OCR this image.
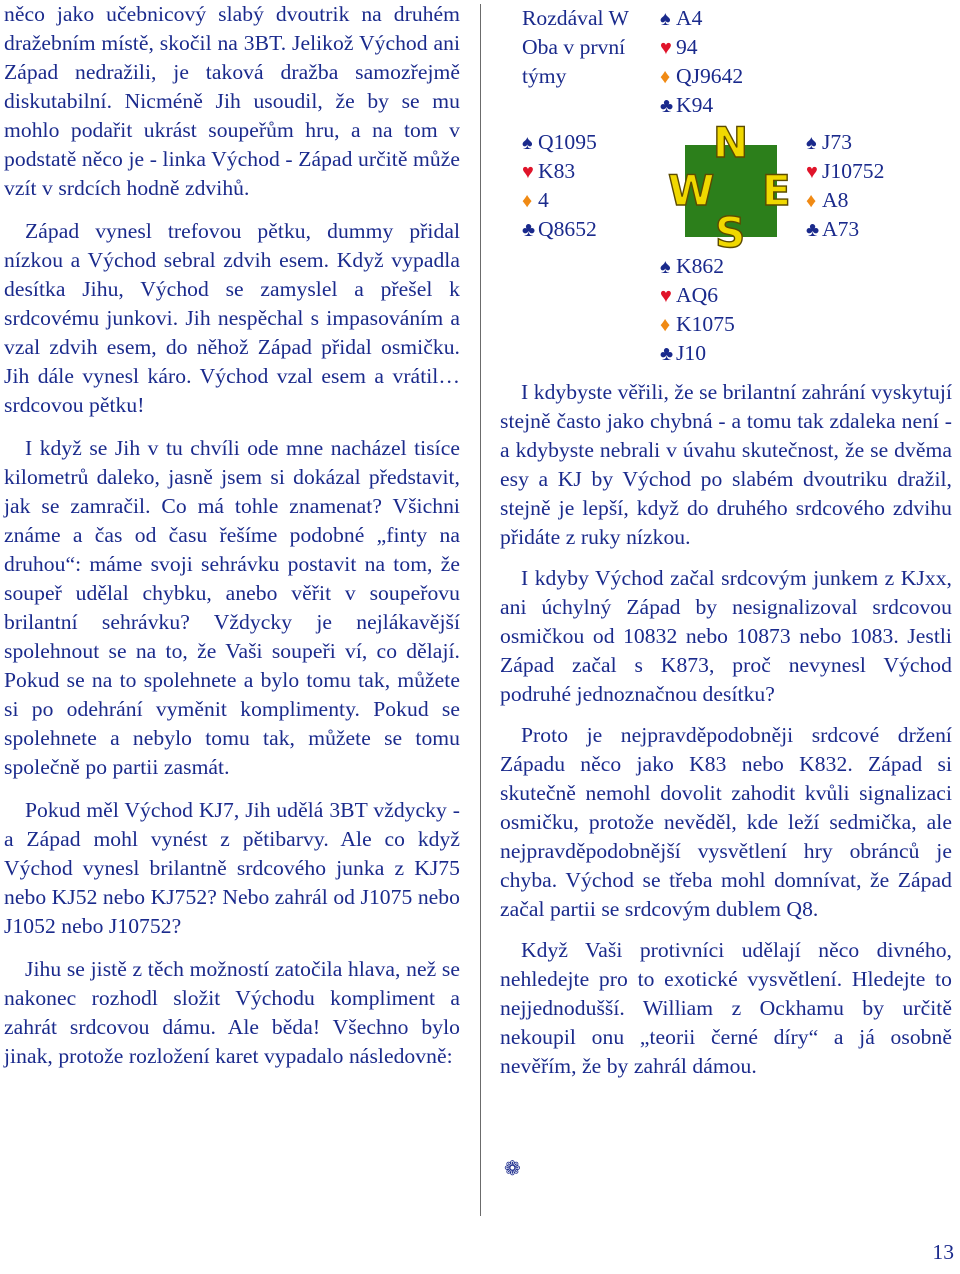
něco jako učebnicový slabý dvoutrik na druhém dražebním místě, skočil na 3BT. Jelikož Východ ani Západ nedražili, je taková dražba samozřejmě diskutabilní. Nicméně Jih usoudil, že by se mu mohlo podařit ukrást soupeřům hru, a na tom v podstatě něco je - linka Východ - Západ určitě může vzít v srdcích hodně zdvihů.

Západ vynesl trefovou pětku, dummy přidal nízkou a Východ sebral zdvih esem. Když vypadla desítka Jihu, Východ se zamyslel a přešel k srdcovému junkovi. Jih nespěchal s impasováním a vzal zdvih esem, do něhož Západ přidal osmičku. Jih dále vynesl káro. Východ vzal esem a vrátil… srdcovou pětku!

I když se Jih v tu chvíli ode mne nacházel tisíce kilometrů daleko, jasně jsem si dokázal představit, jak se zamračil. Co má tohle znamenat? Všichni známe a čas od času řešíme podobné „finty na druhou“: máme svoji sehrávku postavit na tom, že soupeř udělal chybku, anebo věřit v soupeřovu brilantní sehrávku? Vždycky je nejlákavější spolehnout se na to, že Vaši soupeři ví, co dělají. Pokud se na to spolehnete a bylo tomu tak, můžete si po odehrání vyměnit komplimenty. Pokud se spolehnete a nebylo tomu tak, můžete se tomu společně po partii zasmát.

Pokud měl Východ KJ7, Jih udělá 3BT vždycky - a Západ mohl vynést z pětibarvy. Ale co když Východ vynesl brilantně srdcového junka z KJ75 nebo KJ52 nebo KJ752? Nebo zahrál od J1075 nebo J1052 nebo J10752?

Jihu se jistě z těch možností zatočila hlava, než se nakonec rozhodl složit Východu kompliment a zahrát srdcovou dámu. Ale běda! Všechno bylo jinak, protože rozložení karet vypadalo následovně:

Rozdával W
Oba v první
týmy
♠ A4
♥ 94
♦ QJ9642
♣ K94
♠ Q1095
♥ K83
♦ 4
♣ Q8652
♠ J73
♥ J10752
♦ A8
♣ A73
N
W E
S
♠ K862
♥ AQ6
♦ K1075
♣ J10

I kdybyste věřili, že se brilantní zahrání vyskytují stejně často jako chybná - a tomu tak zdaleka není - a kdybyste nebrali v úvahu skutečnost, že se dvěma esy a KJ by Východ po slabém dvoutriku dražil, stejně je lepší, když do druhého srdcového zdvihu přidáte z ruky nízkou.

I kdyby Východ začal srdcovým junkem z KJxx, ani úchylný Západ by nesignalizoval srdcovou osmičkou od 10832 nebo 10873 nebo 1083. Jestli Západ začal s K873, proč nevynesl Východ podruhé jednoznačnou desítku?

Proto je nejpravděpodobněji srdcové držení Západu něco jako K83 nebo K832. Západ si skutečně nemohl dovolit zahodit kvůli signalizaci osmičku, protože nevěděl, kde leží sedmička, ale nejpravděpodobnější vysvětlení hry obránců je chyba. Východ se třeba mohl domnívat, že Západ začal partii se srdcovým dublem Q8.

Když Vaši protivníci udělají něco divného, nehledejte pro to exotické vysvětlení. Hledejte to nejjednodušší. William z Ockhamu by určitě nekoupil onu „teorii černé díry“ a já osobně nevěřím, že by zahrál dámou.

❁
13
